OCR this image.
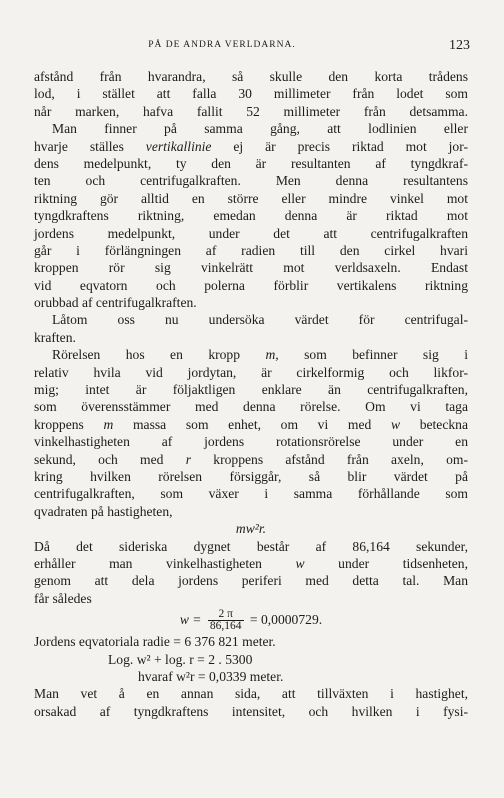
PÅ DE ANDRA VERLDARNA.	123
afstånd från hvarandra, så skulle den korta trådens
lod, i stället att falla 30 millimeter från lodet som
når marken, hafva fallit 52 millimeter från detsamma.
Man finner på samma gång, att lodlinien eller
hvarje ställes vertikallinie ej är precis riktad mot jor-
dens medelpunkt, ty den är resultanten af tyngdkraf-
ten och centrifugalkraften. Men denna resultantens
riktning gör alltid en större eller mindre vinkel mot
tyngdkraftens riktning, emedan denna är riktad mot
jordens medelpunkt, under det att centrifugalkraften
går i förlängningen af radien till den cirkel hvari
kroppen rör sig vinkelrätt mot verldsaxeln. Endast
vid eqvatorn och polerna förblir vertikalens riktning
orubbad af centrifugalkraften.
Låtom oss nu undersöka värdet för centrifugal-
kraften.
Rörelsen hos en kropp m, som befinner sig i
relativ hvila vid jordytan, är cirkelformig och likfor-
mig; intet är följaktligen enklare än centrifugalkraften,
som överensstämmer med denna rörelse. Om vi taga
kroppens m massa som enhet, om vi med w beteckna
vinkelhastigheten af jordens rotationsrörelse under en
sekund, och med r kroppens afstånd från axeln, om-
kring hvilken rörelsen försiggår, så blir värdet på
centrifugalkraften, som växer i samma förhållande som
qvadraten på hastigheten,
mw²r.
Då det sideriska dygnet består af 86,164 sekunder,
erhåller man vinkelhastigheten w under tidsenheten,
genom att dela jordens periferi med detta tal. Man
får således
$w = \frac{2 \pi}{86,164} = 0,0000729$.
Jordens eqvatoriala radie = 6 376 821 meter.
Log. w² + log. r = 2 . 5300
hvaraf w²r = 0,0339 meter.
Man vet å en annan sida, att tillväxten i hastighet,
orsakad af tyngdkraftens intensitet, och hvilken i fysi-
